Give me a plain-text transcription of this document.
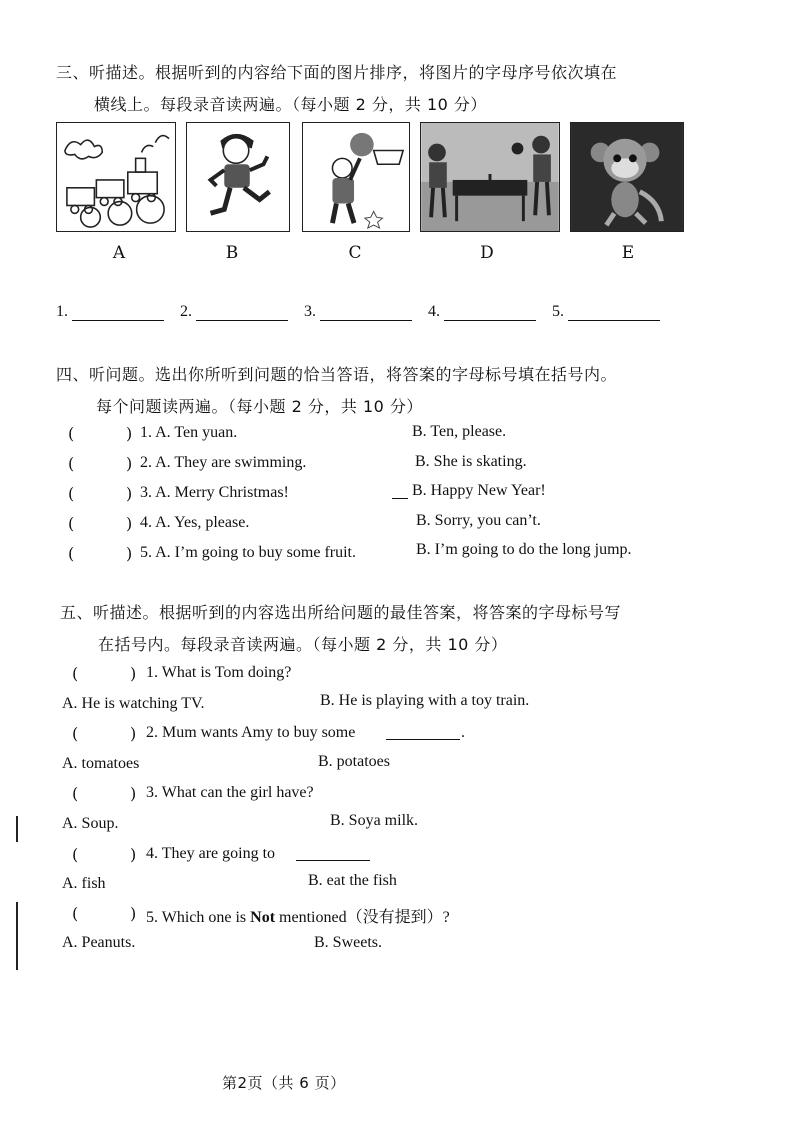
三、听描述。根据听到的内容给下面的图片排序，将图片的字母序号依次填在
横线上。每段录音读两遍。（每小题 2 分，共 10 分）
A	B	C	D	E
1.	2.	3.	4.	5.
四、听问题。选出你所听到问题的恰当答语，将答案的字母标号填在括号内。
每个问题读两遍。（每小题 2 分，共 10 分）
(	) 1. A. Ten yuan.	B. Ten, please.
(	) 2. A. They are swimming.	B. She is skating.
(	) 3. A. Merry Christmas!	B. Happy New Year!
(	) 4. A. Yes, please.	B. Sorry, you can’t.
(	) 5. A. I’m going to buy some fruit.	B. I’m going to do the long jump.
五、听描述。根据听到的内容选出所给问题的最佳答案，将答案的字母标号写
在括号内。每段录音读两遍。（每小题 2 分，共 10 分）
(	) 1. What is Tom doing?
A. He is watching TV.	B. He is playing with a toy train.
(	) 2. Mum wants Amy to buy some	.
A. tomatoes	B. potatoes
(	) 3. What can the girl have?
A. Soup.	B. Soya milk.
(	) 4. They are going to
A. fish	B. eat the fish
(	) 5. Which one is Not mentioned（没有提到）?
A. Peanuts.	B. Sweets.
第2页（共 6 页）
